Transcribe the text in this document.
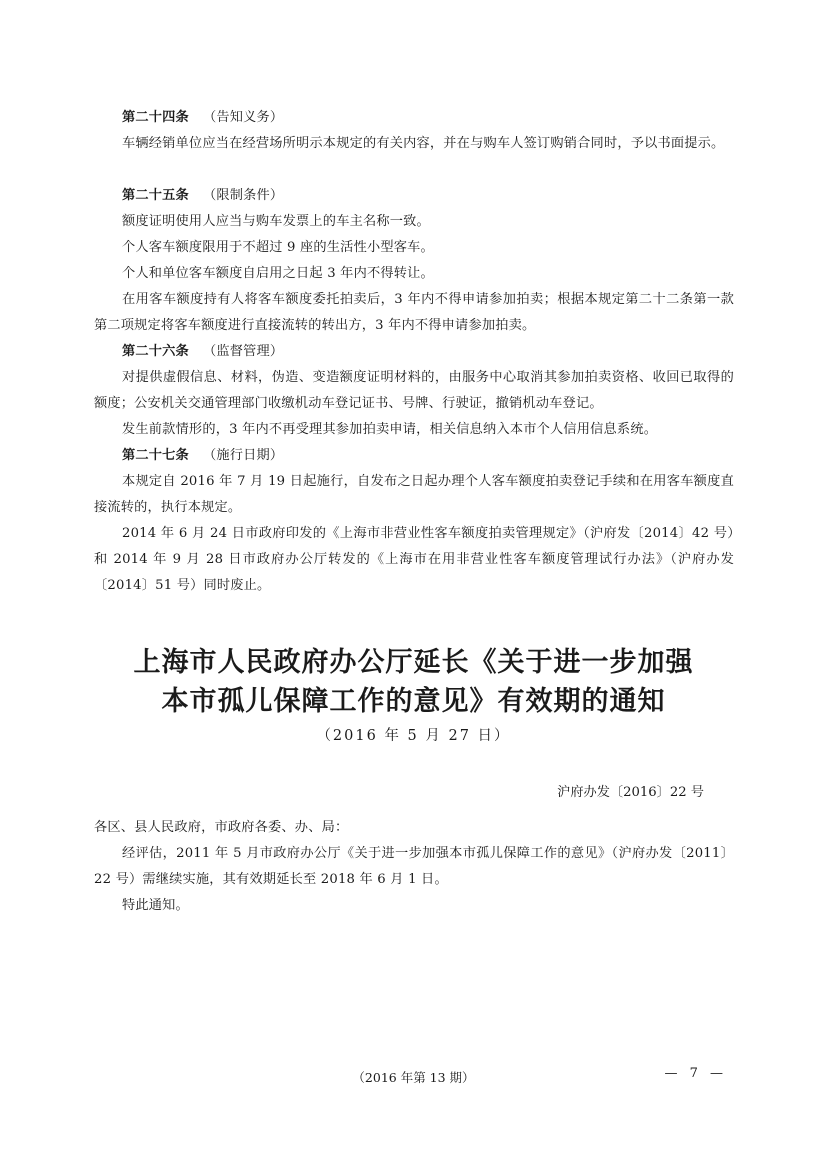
第二十四条 （告知义务）

车辆经销单位应当在经营场所明示本规定的有关内容，并在与购车人签订购销合同时，予以书面提示。

第二十五条 （限制条件）

额度证明使用人应当与购车发票上的车主名称一致。

个人客车额度限用于不超过 9 座的生活性小型客车。

个人和单位客车额度自启用之日起 3 年内不得转让。

在用客车额度持有人将客车额度委托拍卖后，3 年内不得申请参加拍卖；根据本规定第二十二条第一款第二项规定将客车额度进行直接流转的转出方，3 年内不得申请参加拍卖。

第二十六条 （监督管理）

对提供虚假信息、材料，伪造、变造额度证明材料的，由服务中心取消其参加拍卖资格、收回已取得的额度；公安机关交通管理部门收缴机动车登记证书、号牌、行驶证，撤销机动车登记。

发生前款情形的，3 年内不再受理其参加拍卖申请，相关信息纳入本市个人信用信息系统。

第二十七条 （施行日期）

本规定自 2016 年 7 月 19 日起施行，自发布之日起办理个人客车额度拍卖登记手续和在用客车额度直接流转的，执行本规定。

2014 年 6 月 24 日市政府印发的《上海市非营业性客车额度拍卖管理规定》（沪府发〔2014〕42 号）和 2014 年 9 月 28 日市政府办公厅转发的《上海市在用非营业性客车额度管理试行办法》（沪府办发〔2014〕51 号）同时废止。

上海市人民政府办公厅延长《关于进一步加强
本市孤儿保障工作的意见》有效期的通知

（2016 年 5 月 27 日）

沪府办发〔2016〕22 号

各区、县人民政府，市政府各委、办、局：

经评估，2011 年 5 月市政府办公厅《关于进一步加强本市孤儿保障工作的意见》（沪府办发〔2011〕22 号）需继续实施，其有效期延长至 2018 年 6 月 1 日。

特此通知。

（2016 年第 13 期）	— 7 —
